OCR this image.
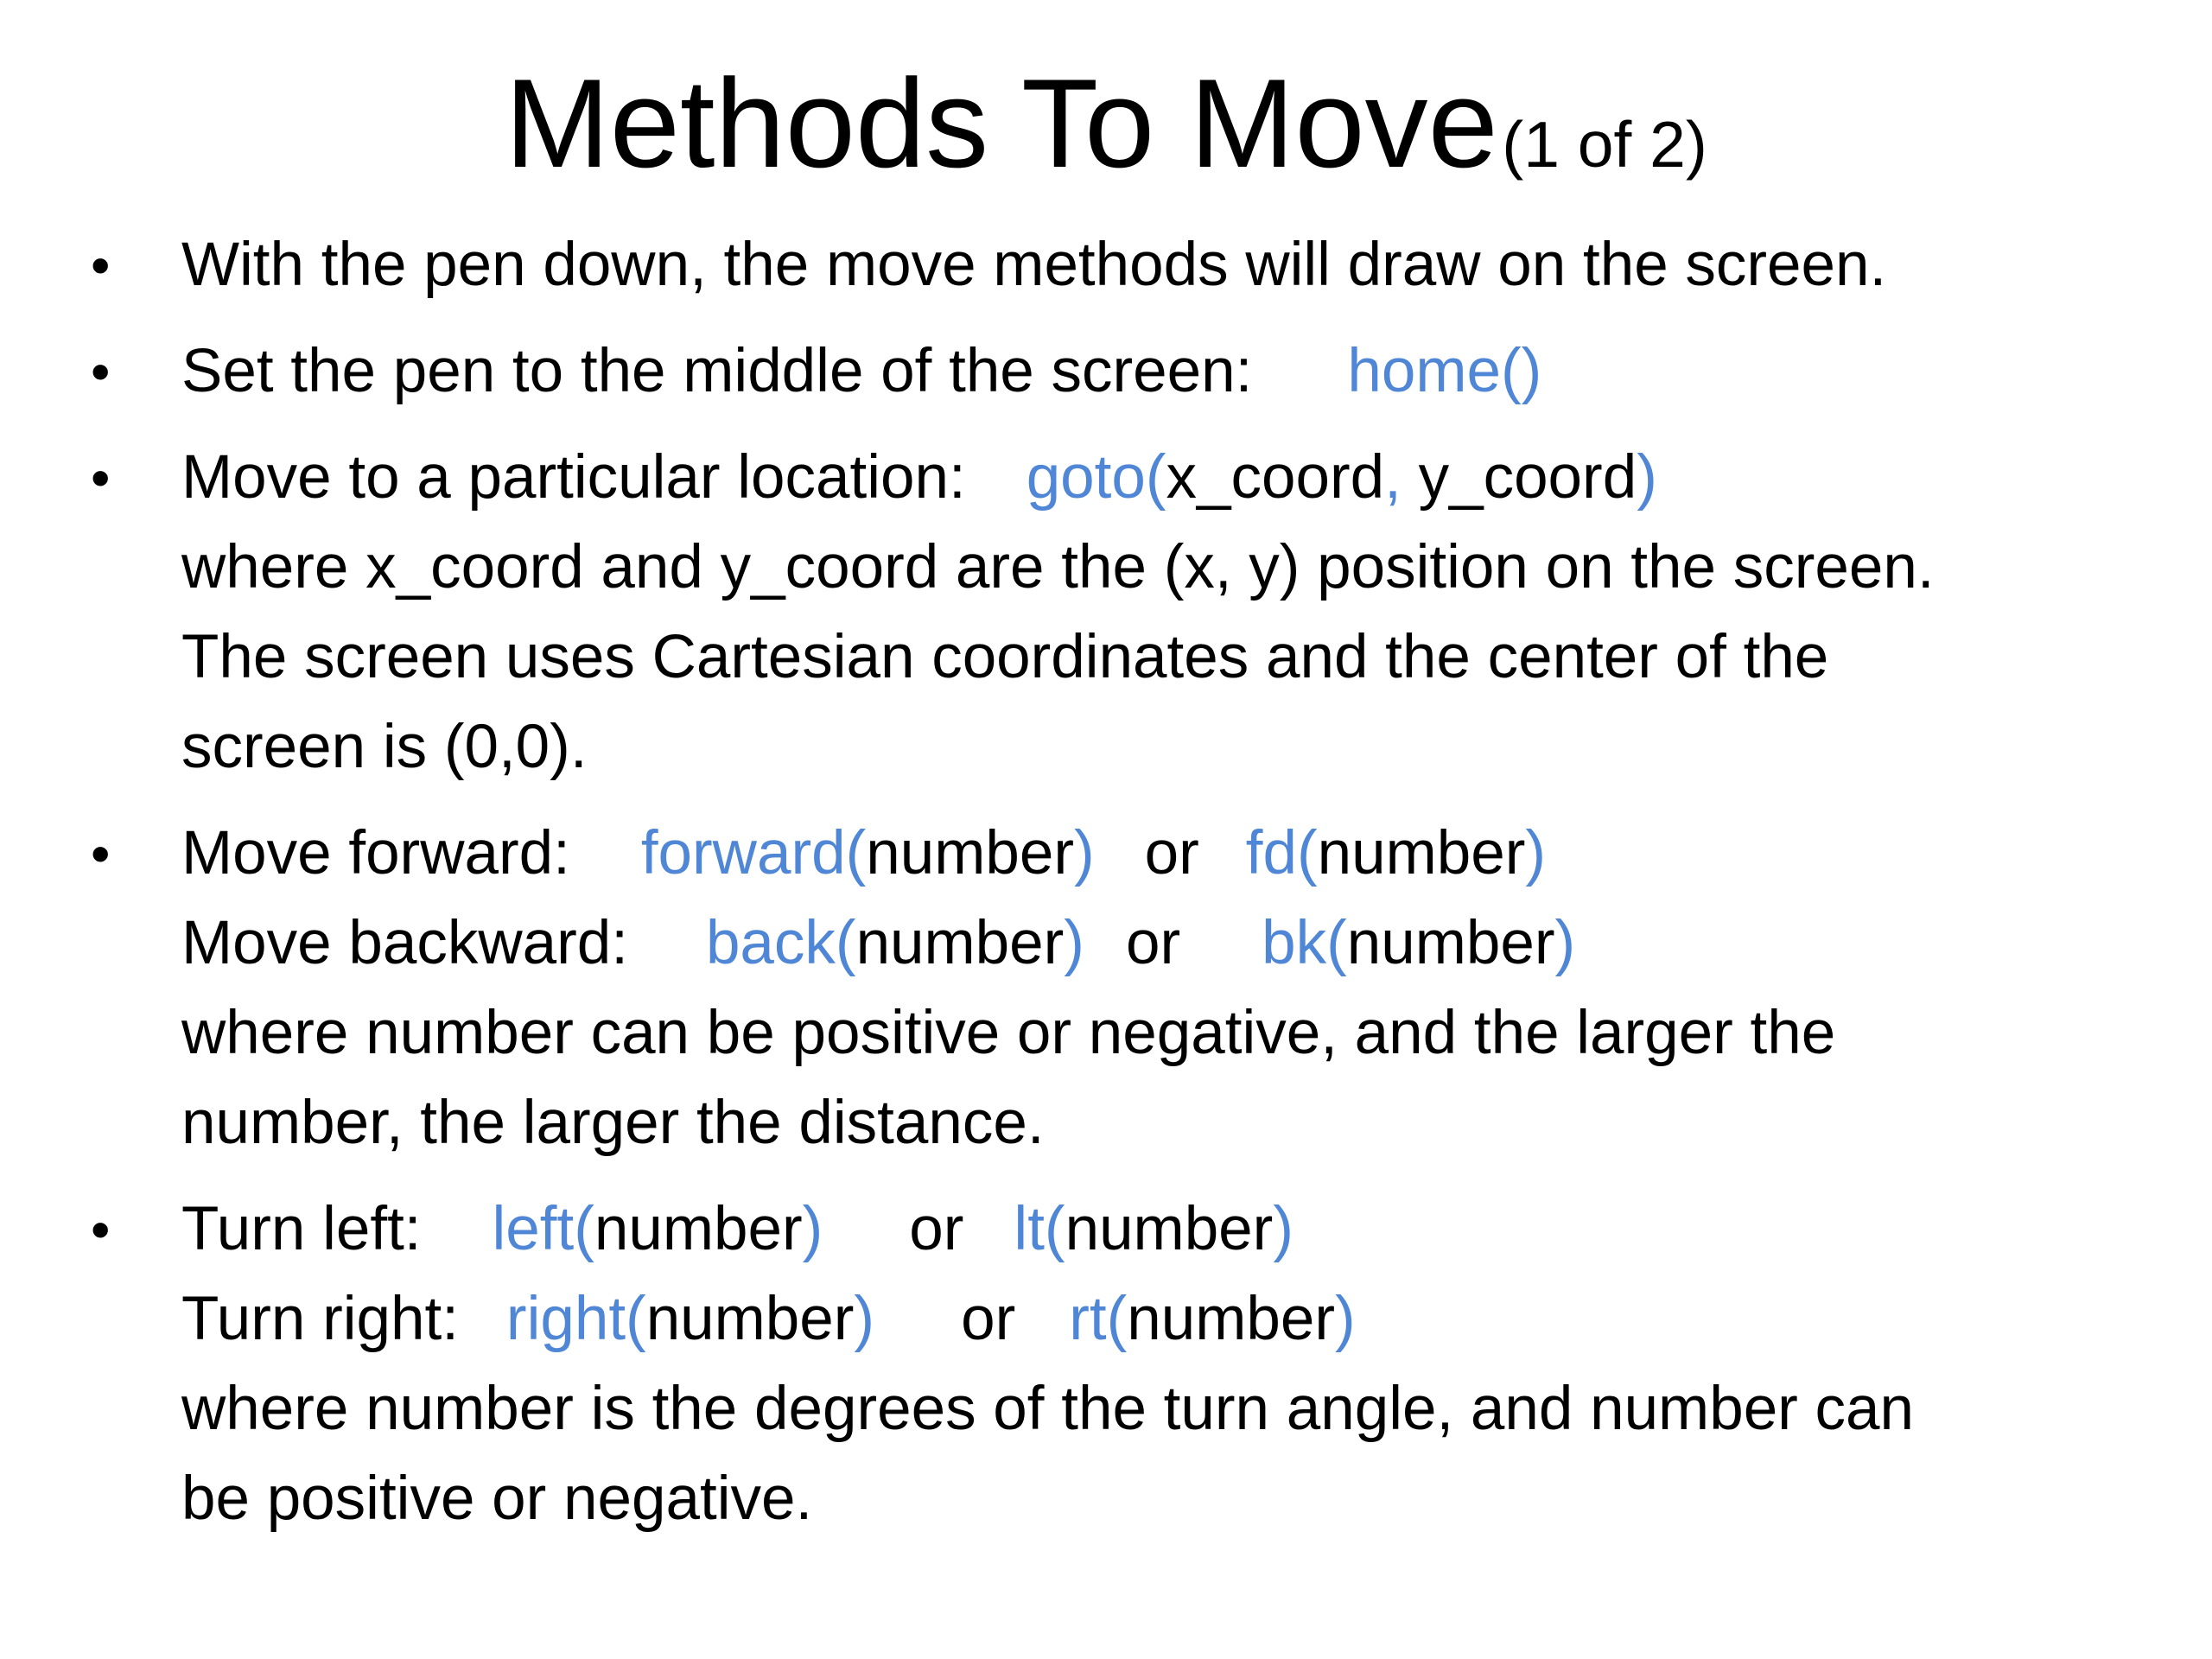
Methods To Move (1 of 2)
• With the pen down, the move methods will draw on the screen.
• Set the pen to the middle of the screen: home()
• Move to a particular location: goto(x_coord, y_coord)
where x_coord and y_coord are the (x, y) position on the screen.
The screen uses Cartesian coordinates and the center of the
screen is (0,0).
• Move forward: forward(number) or fd(number)
Move backward: back(number) or bk(number)
where number can be positive or negative, and the larger the
number, the larger the distance.
• Turn left: left(number) or lt(number)
Turn right: right(number) or rt(number)
where number is the degrees of the turn angle, and number can
be positive or negative.
